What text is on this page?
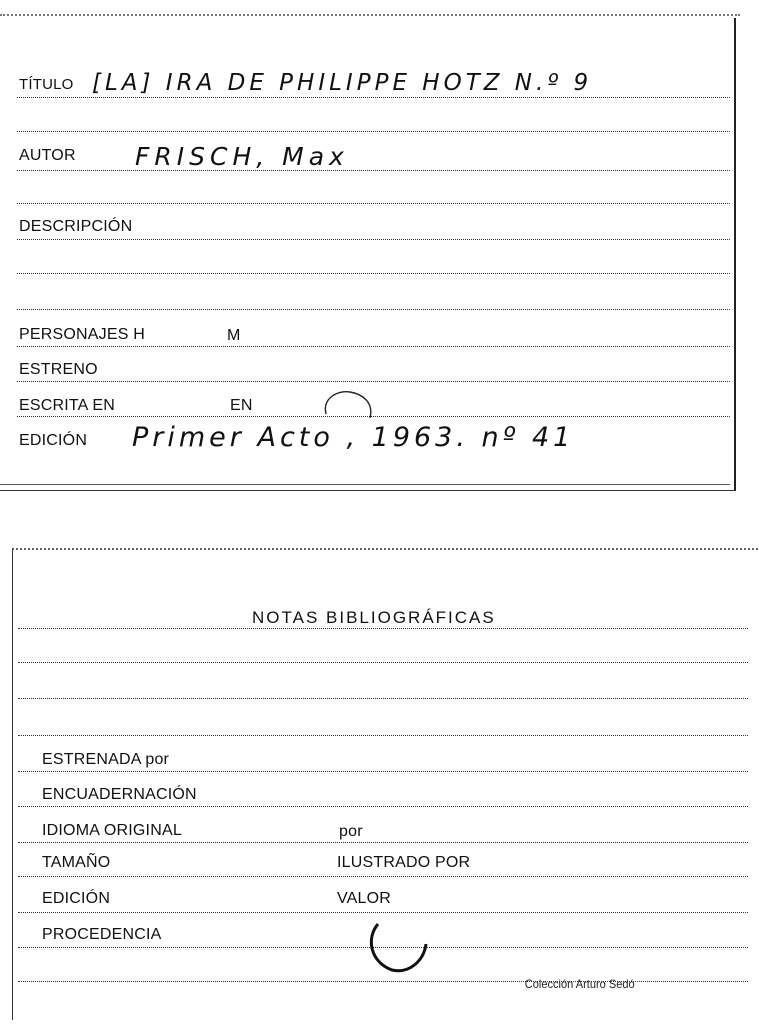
TÍTULO [LA] IRA DE PHILIPPE HOTZ N.º 9
AUTOR FRISCH, Max
DESCRIPCIÓN
PERSONAJES H	M
ESTRENO
ESCRITA EN	EN
EDICIÓN Primer Acto , 1963. nº 41
NOTAS BIBLIOGRÁFICAS
ESTRENADA por
ENCUADERNACIÓN
IDIOMA ORIGINAL	por
TAMAÑO	ILUSTRADO POR
EDICIÓN	VALOR
PROCEDENCIA
Colección Arturo Sedó
